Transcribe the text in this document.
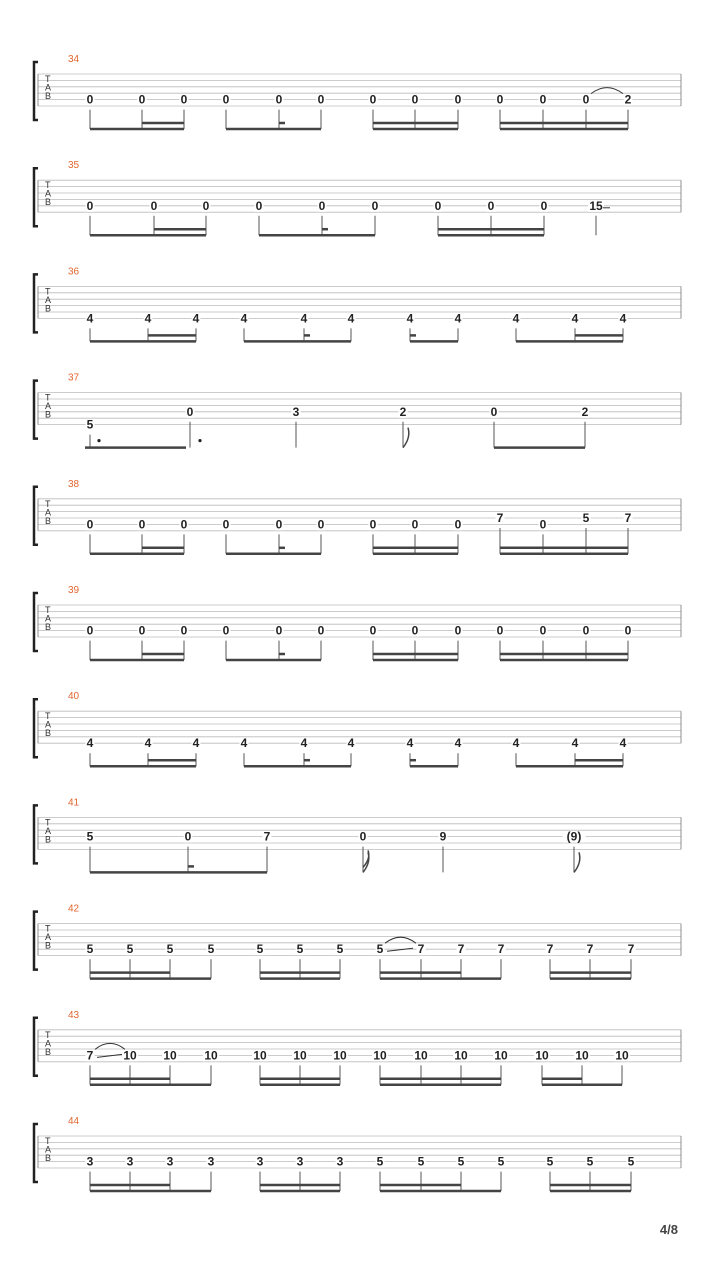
34
T
A
B	0	0	0	0	0	0	0	0	0	0	0	0	2
35
T
A
B	0	0	0	0	0	0	0	0	0	15
36
T
A
B
4	4	4	4	4	4	4	4	4	4	4
37
T
A
B
5
0	3	2	0	2
38
T
A
B	0	0	0	0	0	0	0	0	0	7	0	5	7
39
T
A
B	0	0	0	0	0	0	0	0	0	0	0	0	0
40
T
A
B
4	4	4	4	4	4	4	4	4	4	4
41
T
A
B	5	0	7	0	9	(9)
42
T
A
B	5	5	5	5	5	5	5	5	7	7	7	7	7	7
43
T
A
B	7 10 10 10	10 10 10 10 10 10 10 10 10 10
44
T
A
B	3	3	3	3	3	3	3	5	5	5	5	5	5	5
4/8
